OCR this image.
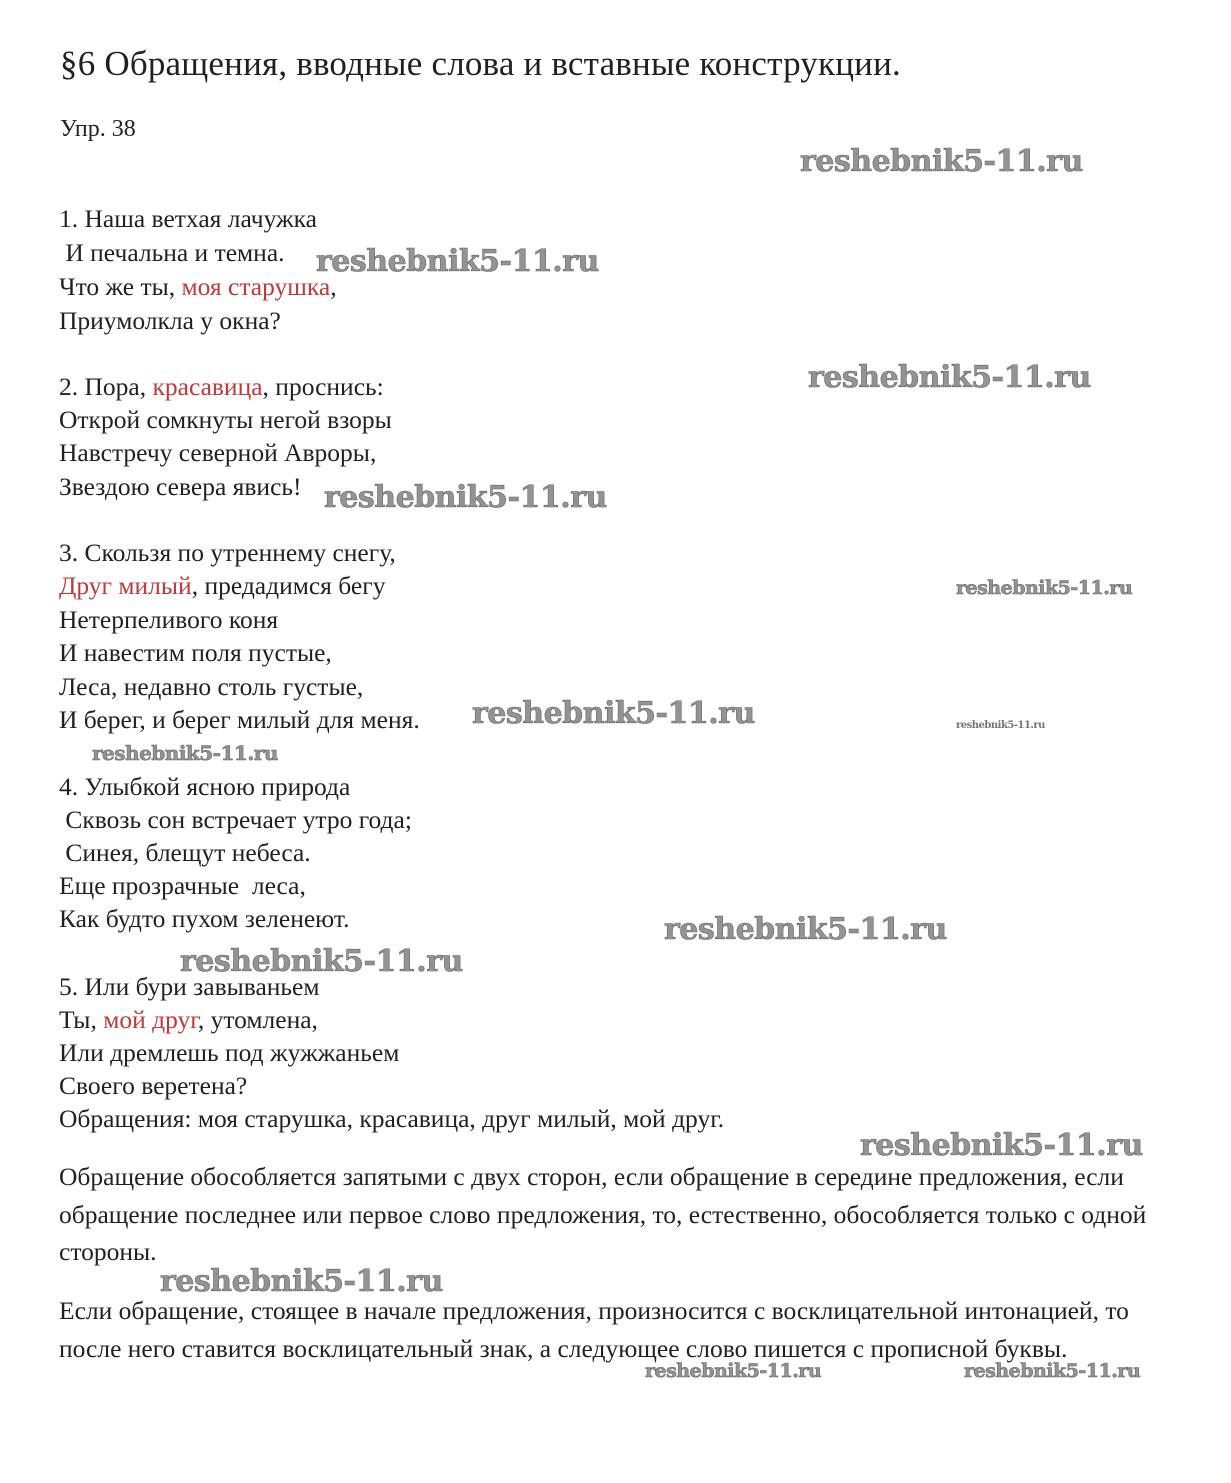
§6 Обращения, вводные слова и вставные конструкции.
Упр. 38
1. Наша ветхая лачужка
И печальна и темна.
Что же ты, моя старушка,
Приумолкла у окна?
2. Пора, красавица, проснись:
Открой сомкнуты негой взоры
Навстречу северной Авроры,
Звездою севера явись!
3. Скользя по утреннему снегу,
Друг милый, предадимся бегу
Нетерпеливого коня
И навестим поля пустые,
Леса, недавно столь густые,
И берег, и берег милый для меня.
4. Улыбкой ясною природа
Сквозь сон встречает утро года;
Синея, блещут небеса.
Еще прозрачные  леса,
Как будто пухом зеленеют.
5. Или бури завываньем
Ты, мой друг, утомлена,
Или дремлешь под жужжаньем
Своего веретена?
Обращения: моя старушка, красавица, друг милый, мой друг.

Обращение обособляется запятыми с двух сторон, если обращение в середине предложения, если обращение последнее или первое слово предложения, то, естественно, обособляется только с одной стороны.

Если обращение, стоящее в начале предложения, произносится с восклицательной интонацией, то после него ставится восклицательный знак, а следующее слово пишется с прописной буквы.

reshebnik5-11.ru
reshebnik5-11.ru
reshebnik5-11.ru
reshebnik5-11.ru
reshebnik5-11.ru
reshebnik5-11.ru	reshebnik5-11.ru
reshebnik5-11.ru
reshebnik5-11.ru
reshebnik5-11.ru
reshebnik5-11.ru
reshebnik5-11.ru
reshebnik5-11.ru	reshebnik5-11.ru
